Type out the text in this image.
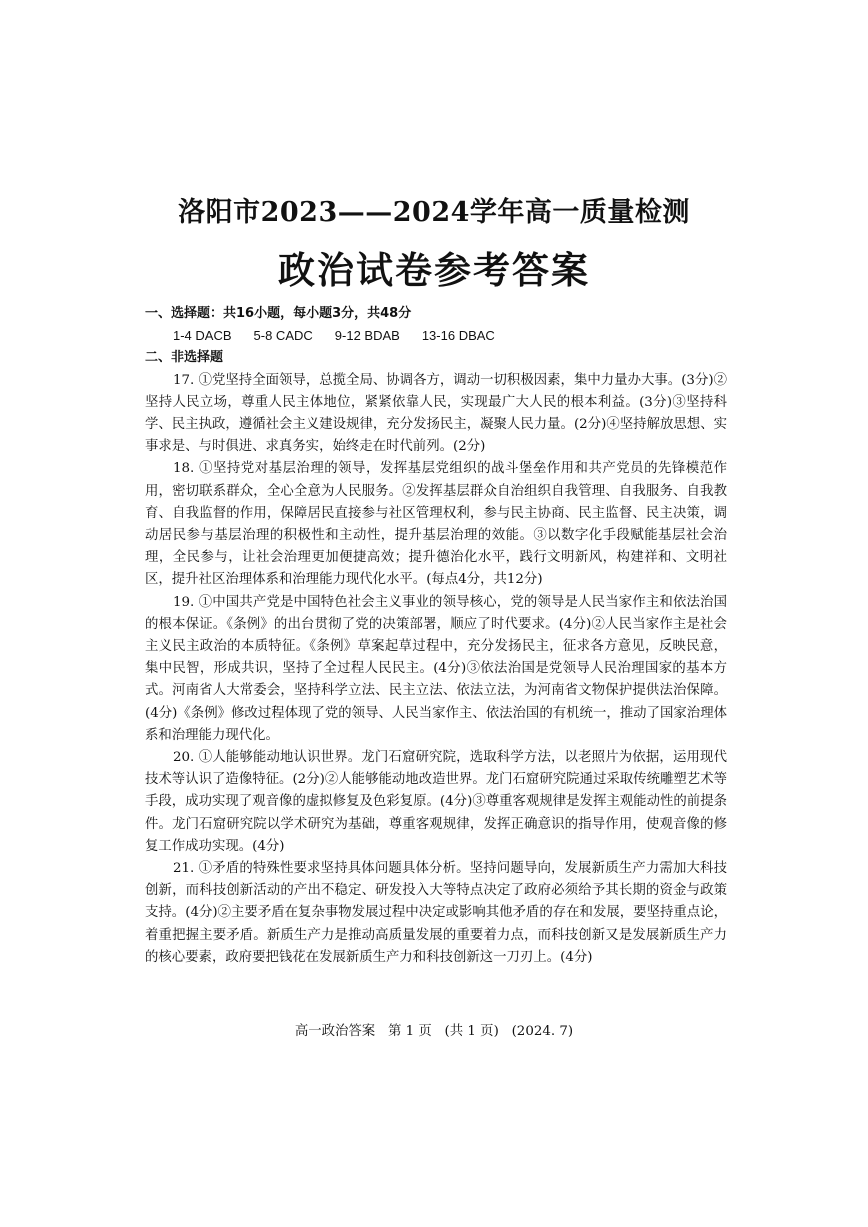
洛阳市2023——2024学年高一质量检测
政治试卷参考答案
一、选择题：共16小题，每小题3分，共48分
1-4 DACB 5-8 CADC 9-12 BDAB 13-16 DBAC
二、非选择题

17. ①党坚持全面领导，总揽全局、协调各方，调动一切积极因素，集中力量办大事。(3分)②坚持人民立场，尊重人民主体地位，紧紧依靠人民，实现最广大人民的根本利益。(3分)③坚持科学、民主执政，遵循社会主义建设规律，充分发扬民主，凝聚人民力量。(2分)④坚持解放思想、实事求是、与时俱进、求真务实，始终走在时代前列。(2分)

18. ①坚持党对基层治理的领导，发挥基层党组织的战斗堡垒作用和共产党员的先锋模范作用，密切联系群众，全心全意为人民服务。②发挥基层群众自治组织自我管理、自我服务、自我教育、自我监督的作用，保障居民直接参与社区管理权利，参与民主协商、民主监督、民主决策，调动居民参与基层治理的积极性和主动性，提升基层治理的效能。③以数字化手段赋能基层社会治理，全民参与，让社会治理更加便捷高效；提升德治化水平，践行文明新风，构建祥和、文明社区，提升社区治理体系和治理能力现代化水平。(每点4分，共12分)

19. ①中国共产党是中国特色社会主义事业的领导核心，党的领导是人民当家作主和依法治国的根本保证。《条例》的出台贯彻了党的决策部署，顺应了时代要求。(4分)②人民当家作主是社会主义民主政治的本质特征。《条例》草案起草过程中，充分发扬民主，征求各方意见，反映民意，集中民智，形成共识，坚持了全过程人民民主。(4分)③依法治国是党领导人民治理国家的基本方式。河南省人大常委会，坚持科学立法、民主立法、依法立法，为河南省文物保护提供法治保障。(4分)《条例》修改过程体现了党的领导、人民当家作主、依法治国的有机统一，推动了国家治理体系和治理能力现代化。

20. ①人能够能动地认识世界。龙门石窟研究院，选取科学方法，以老照片为依据，运用现代技术等认识了造像特征。(2分)②人能够能动地改造世界。龙门石窟研究院通过采取传统雕塑艺术等手段，成功实现了观音像的虚拟修复及色彩复原。(4分)③尊重客观规律是发挥主观能动性的前提条件。龙门石窟研究院以学术研究为基础，尊重客观规律，发挥正确意识的指导作用，使观音像的修复工作成功实现。(4分)

21. ①矛盾的特殊性要求坚持具体问题具体分析。坚持问题导向，发展新质生产力需加大科技创新，而科技创新活动的产出不稳定、研发投入大等特点决定了政府必须给予其长期的资金与政策支持。(4分)②主要矛盾在复杂事物发展过程中决定或影响其他矛盾的存在和发展，要坚持重点论，着重把握主要矛盾。新质生产力是推动高质量发展的重要着力点，而科技创新又是发展新质生产力的核心要素，政府要把钱花在发展新质生产力和科技创新这一刀刃上。(4分)

高一政治答案   第 1 页   (共 1 页)   (2024. 7)
